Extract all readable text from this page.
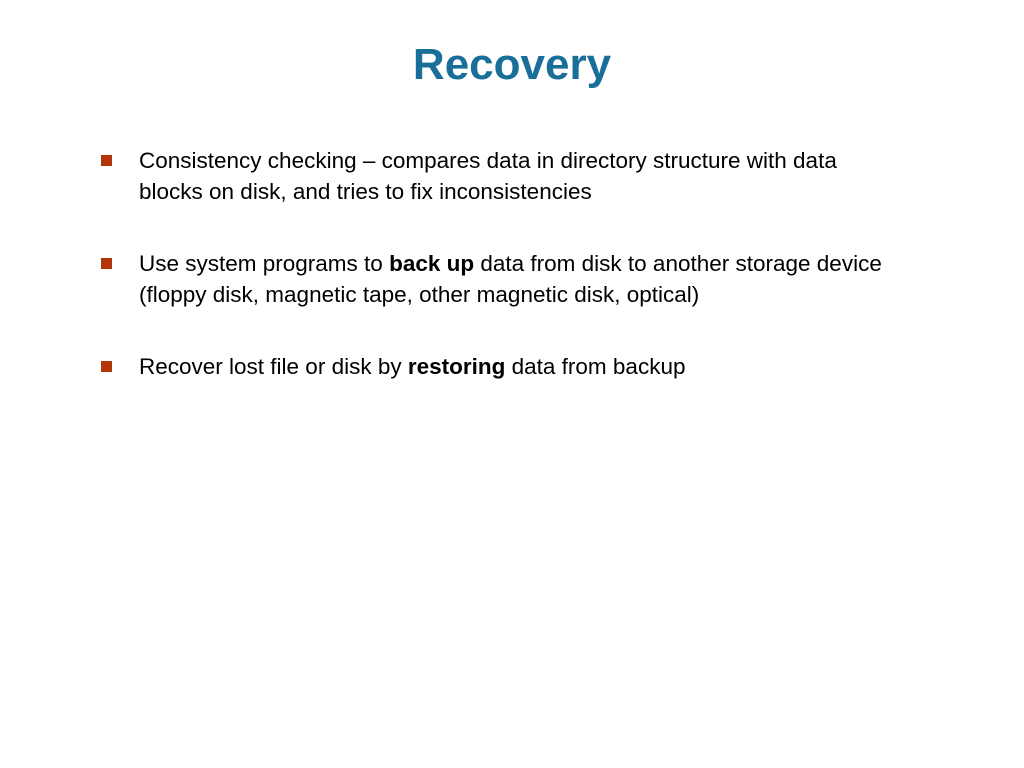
Recovery
Consistency checking – compares data in directory structure with data
blocks on disk, and tries to fix inconsistencies
Use system programs to back up data from disk to another storage device
(floppy disk, magnetic tape, other magnetic disk, optical)
Recover lost file or disk by restoring data from backup
